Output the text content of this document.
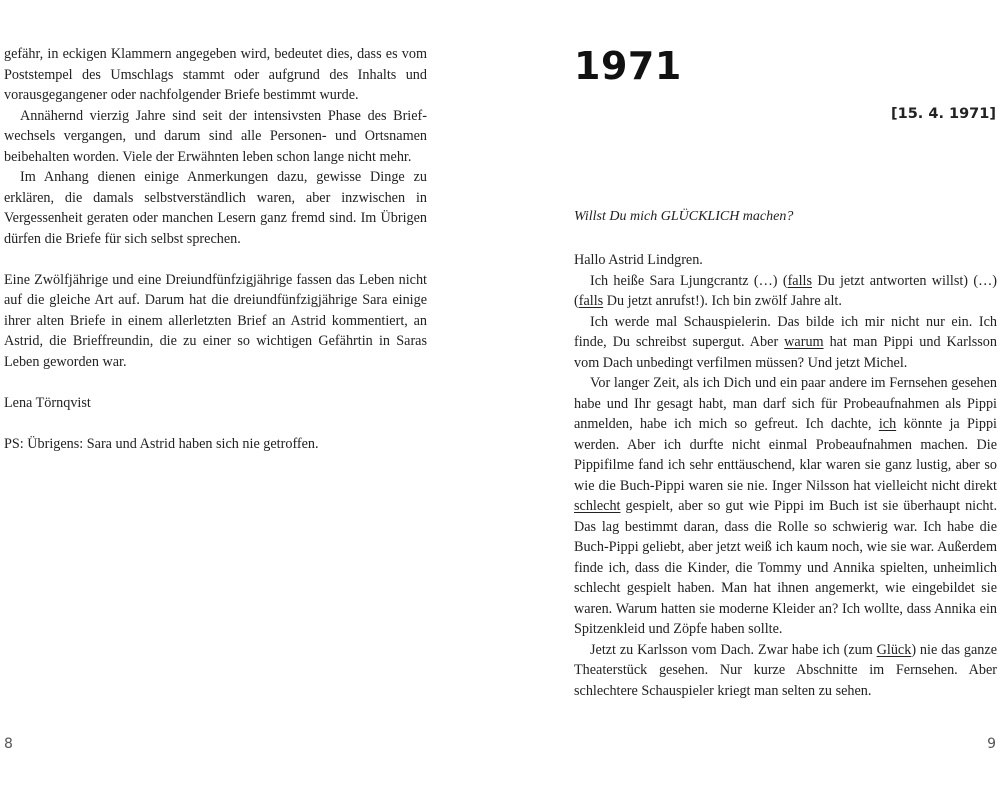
gefähr, in eckigen Klammern angegeben wird, bedeutet dies, dass es vom Poststempel des Umschlags stammt oder aufgrund des Inhalts und vorausgegangener oder nachfolgender Briefe bestimmt wurde.

Annähernd vierzig Jahre sind seit der intensivsten Phase des Briefwechsels vergangen, und darum sind alle Personen- und Ortsnamen beibehalten worden. Viele der Erwähnten leben schon lange nicht mehr.

Im Anhang dienen einige Anmerkungen dazu, gewisse Dinge zu erklären, die damals selbstverständlich waren, aber inzwischen in Vergessenheit geraten oder manchen Lesern ganz fremd sind. Im Übrigen dürfen die Briefe für sich selbst sprechen.

Eine Zwölfjährige und eine Dreiundfünfzigjährige fassen das Leben nicht auf die gleiche Art auf. Darum hat die dreiundfünfzigjährige Sara einige ihrer alten Briefe in einem allerletzten Brief an Astrid kommentiert, an Astrid, die Brieffreundin, die zu einer so wichtigen Gefährtin in Saras Leben geworden war.

Lena Törnqvist

PS: Übrigens: Sara und Astrid haben sich nie getroffen.

8
1971
[15. 4. 1971]
Willst Du mich GLÜCKLICH machen?

Hallo Astrid Lindgren.

Ich heiße Sara Ljungcrantz (…) (falls Du jetzt antworten willst) (…) (falls Du jetzt anrufst!). Ich bin zwölf Jahre alt.

Ich werde mal Schauspielerin. Das bilde ich mir nicht nur ein. Ich finde, Du schreibst supergut. Aber warum hat man Pippi und Karlsson vom Dach unbedingt verfilmen müssen? Und jetzt Michel.

Vor langer Zeit, als ich Dich und ein paar andere im Fernsehen gesehen habe und Ihr gesagt habt, man darf sich für Probeaufnahmen als Pippi anmelden, habe ich mich so gefreut. Ich dachte, ich könnte ja Pippi werden. Aber ich durfte nicht einmal Probeaufnahmen machen. Die Pippifilme fand ich sehr enttäuschend, klar waren sie ganz lustig, aber so wie die Buch-Pippi waren sie nie. Inger Nilsson hat vielleicht nicht direkt schlecht gespielt, aber so gut wie Pippi im Buch ist sie überhaupt nicht. Das lag bestimmt daran, dass die Rolle so schwierig war. Ich habe die Buch-Pippi geliebt, aber jetzt weiß ich kaum noch, wie sie war. Außerdem finde ich, dass die Kinder, die Tommy und Annika spielten, unheimlich schlecht gespielt haben. Man hat ihnen angemerkt, wie eingebildet sie waren. Warum hatten sie moderne Kleider an? Ich wollte, dass Annika ein Spitzenkleid und Zöpfe haben sollte.

Jetzt zu Karlsson vom Dach. Zwar habe ich (zum Glück) nie das ganze Theaterstück gesehen. Nur kurze Abschnitte im Fernsehen. Aber schlechtere Schauspieler kriegt man selten zu sehen.

9
